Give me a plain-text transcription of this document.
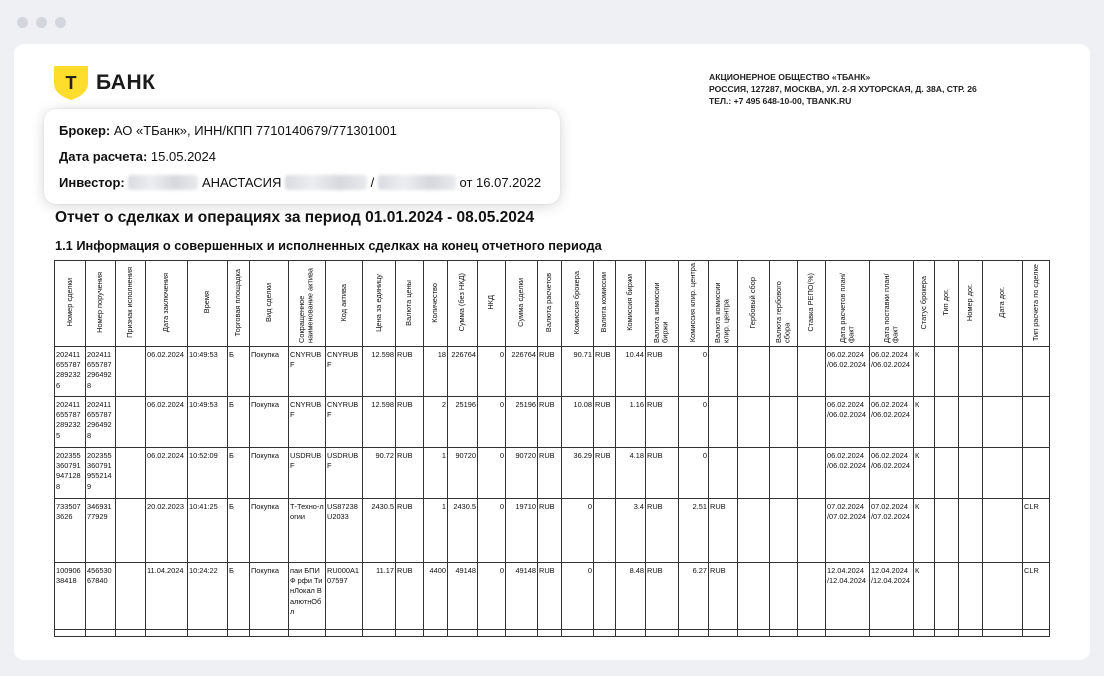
Т БАНК	АКЦИОНЕРНОЕ ОБЩЕСТВО «ТБАНК»
РОССИЯ, 127287, МОСКВА, УЛ. 2-Я ХУТОРСКАЯ, Д. 38А, СТР. 26
ТЕЛ.: +7 495 648-10-00, TBANK.RU
Брокер: АО «ТБанк», ИНН/КПП 7710140679/771301001
Дата расчета: 15.05.2024
Инвестор:	АНАСТАСИЯ	/	от 16.07.2022
Отчет о сделках и операциях за период 01.01.2024 - 08.05.2024
1.1 Информация о совершенных и исполненных сделках на конец отчетного периода
Номер сделки	Номер поручения	Признак исполнения	Дата заключения	Время	Торговая площадка	Вид сделки	Сокращенное наименование актива	Код актива	Цена за единицу	Валюта цены	Количество	Сумма (без НКД)	НКД	Сумма сделки	Валюта расчетов	Комиссия брокера	Валюта комиссии	Комиссия биржи	Валюта комиссии биржи	Комиссия клир. центра	Валюта комиссии клир. центра	Гербовый сбор	Валюта гербового сбора	Ставка РЕПО(%)	Дата расчетов план/факт	Дата поставки план/факт	Статус брокера	Тип дог.	Номер дог.	Дата дог.	Тип расчета по сделке
202411655787289232 6	2024116557872964928		06.02.2024	10:49:53	Б	Покупка	CNYRUBF	CNYRUBF	12.598	RUB	18	226764	0	226764	RUB	90.71	RUB	10.44	RUB	0					06.02.2024 /06.02.2024	06.02.2024 /06.02.2024	К				
2024116557872892325	2024116557872964928		06.02.2024	10:49:53	Б	Покупка	CNYRUBF	CNYRUBF	12.598	RUB	2	25196	0	25196	RUB	10.08	RUB	1.16	RUB	0					06.02.2024 /06.02.2024	06.02.2024 /06.02.2024	К				
2023553607919471288	2023553607919552149		06.02.2024	10:52:09	Б	Покупка	USDRUBF	USDRUBF	90.72	RUB	1	90720	0	90720	RUB	36.29	RUB	4.18	RUB	0					06.02.2024 /06.02.2024	06.02.2024 /06.02.2024	К				
7335073626	34693177929		20.02.2023	10:41:25	Б	Покупка	Т-Техно-логии	US87238U2033	2430.5	RUB	1	2430.5	0	19710	RUB	0		3.4	RUB	2.51	RUB				07.02.2024 /07.02.2024	07.02.2024 /07.02.2024	К				CLR
10090638418	45653067840		11.04.2024	10:24:22	Б	Покупка	паи БПИФ рфи ТинЛокал ВалютнОбл	RU000A107597	11.17	RUB	4400	49148	0	49148	RUB	0		8.48	RUB	6.27	RUB				12.04.2024 /12.04.2024	12.04.2024 /12.04.2024	К				CLR
